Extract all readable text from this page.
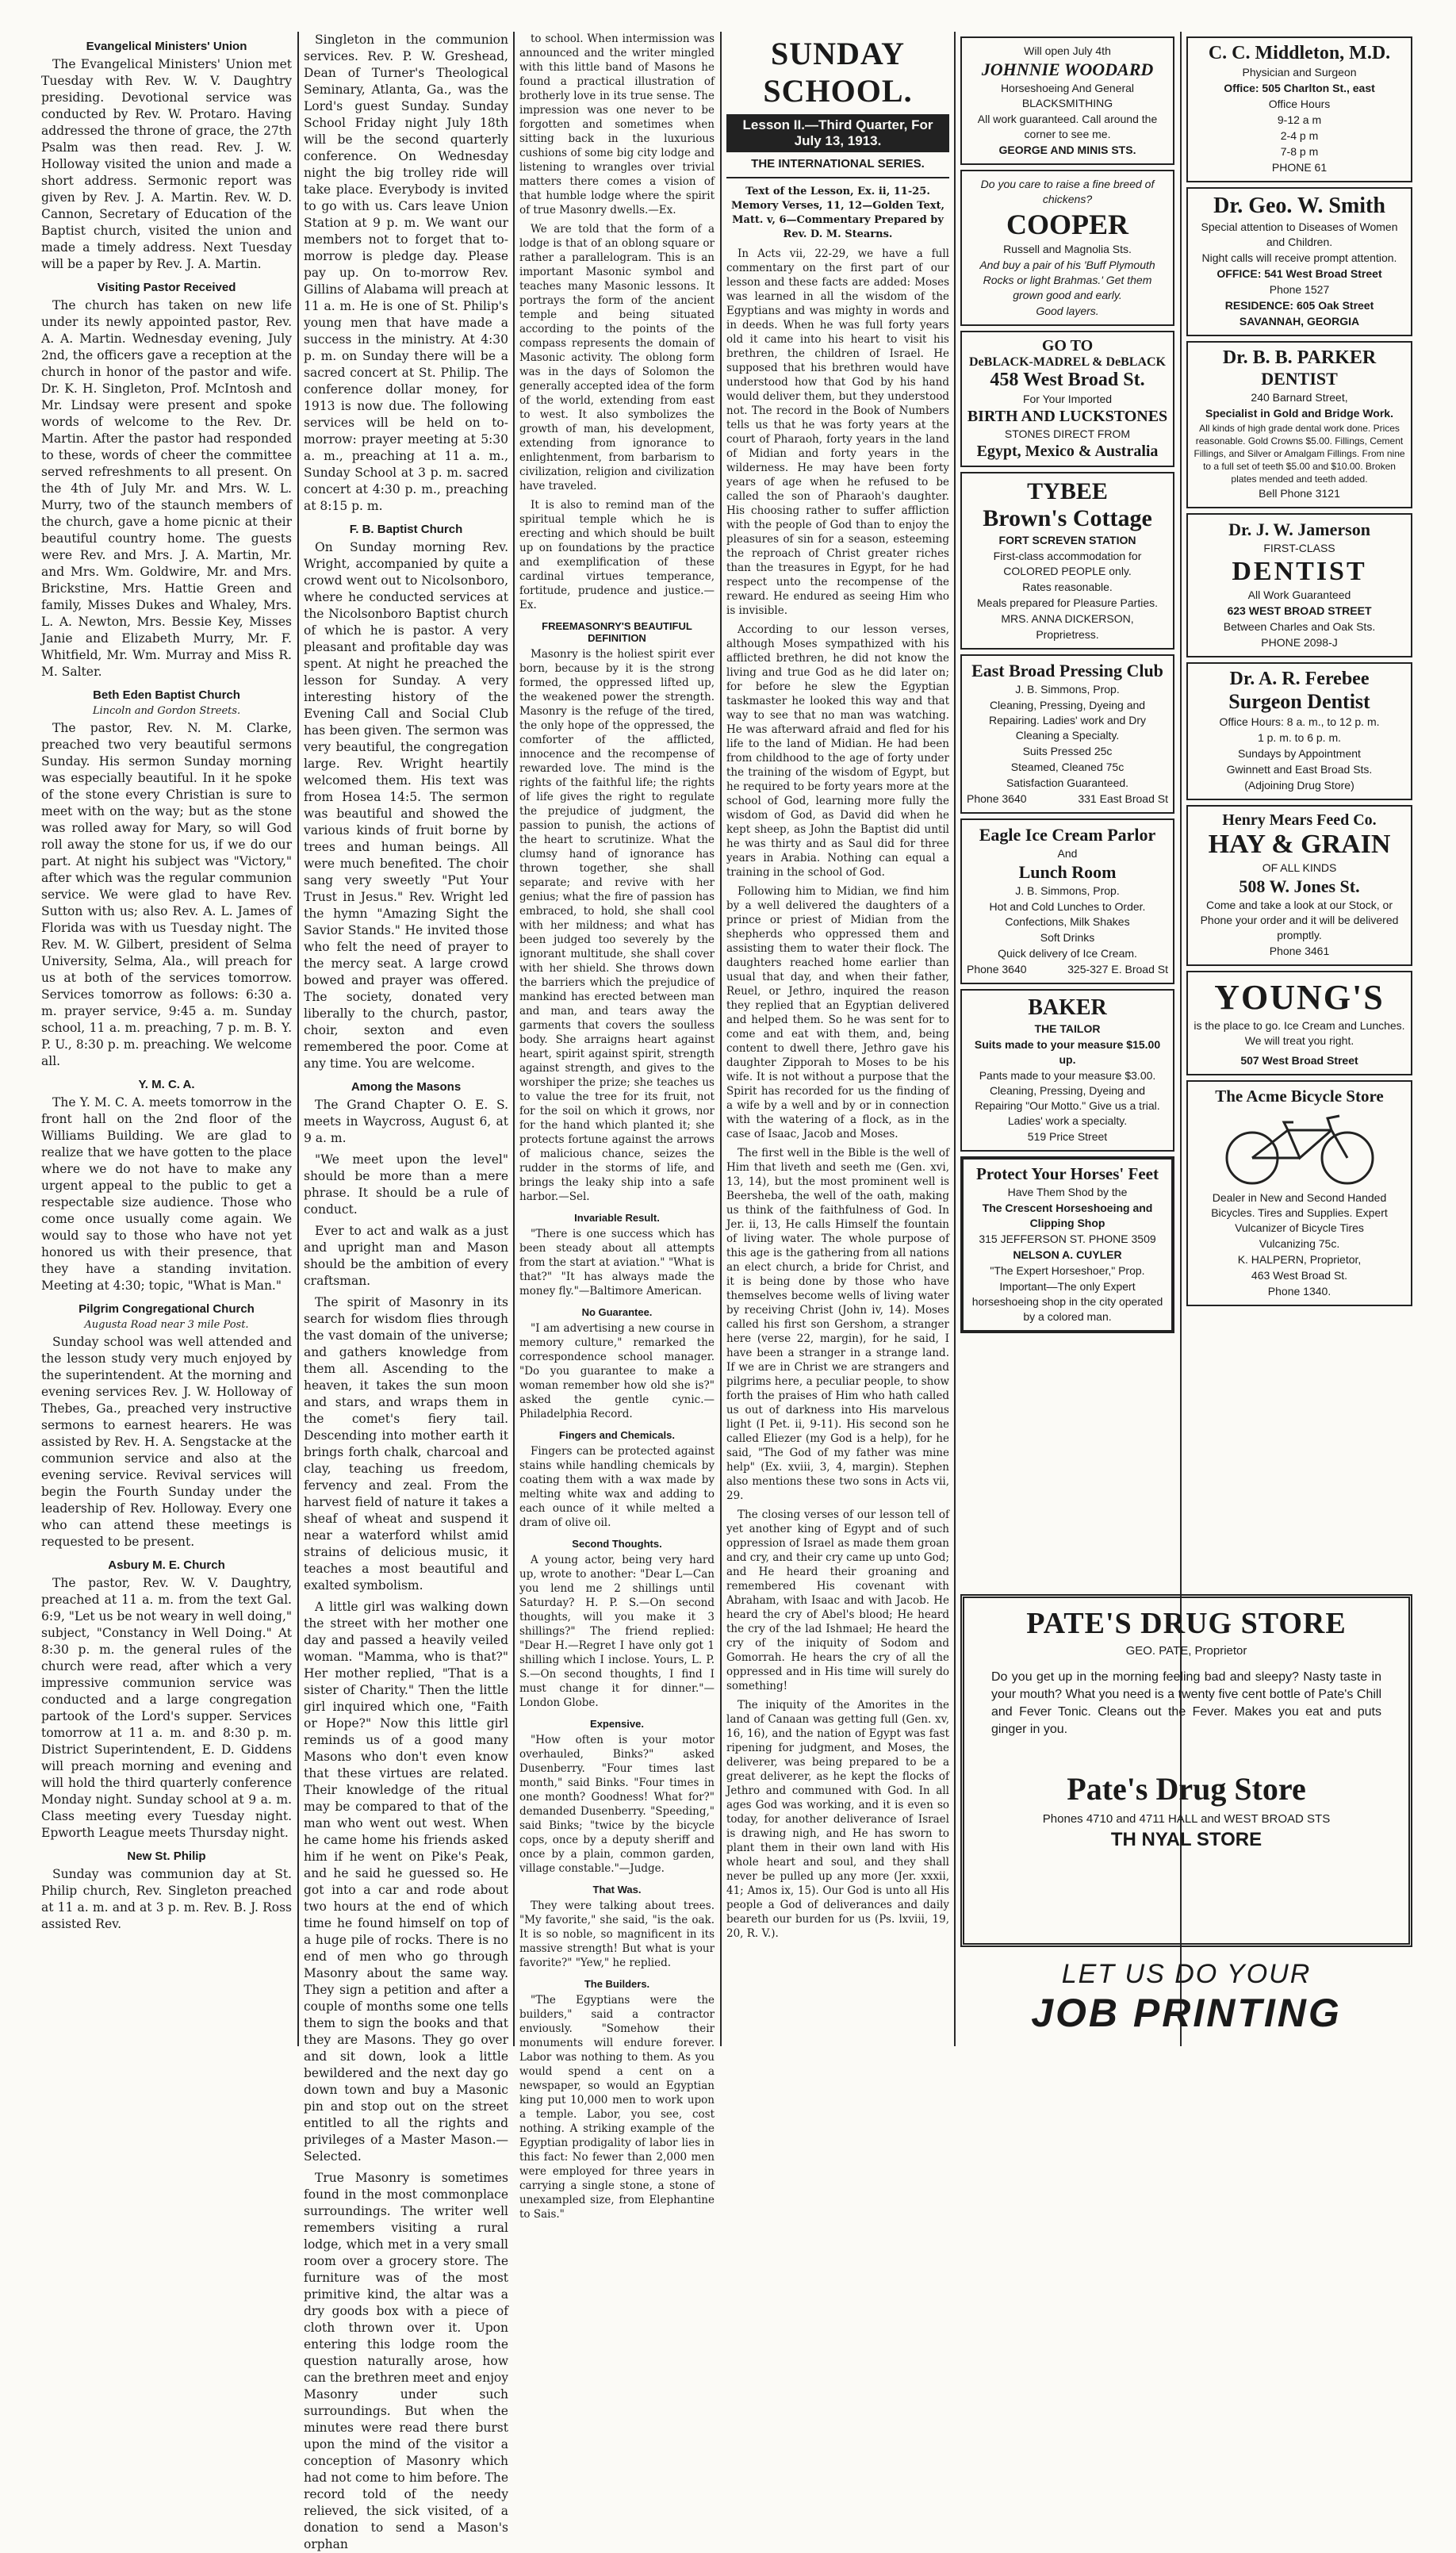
Evangelical Ministers' Union

The Evangelical Ministers' Union met Tuesday with Rev. W. V. Daughtry presiding. Devotional service was conducted by Rev. W. Protaro. Having addressed the throne of grace, the 27th Psalm was then read. Rev. J. W. Holloway visited the union and made a short address. Sermonic report was given by Rev. J. A. Martin. Rev. W. D. Cannon, Secretary of Education of the Baptist church, visited the union and made a timely address. Next Tuesday will be a paper by Rev. J. A. Martin.

Visiting Pastor Received

The church has taken on new life under its newly appointed pastor, Rev. A. A. Martin. Wednesday evening, July 2nd, the officers gave a reception at the church in honor of the pastor and wife. Dr. K. H. Singleton, Prof. McIntosh and Mr. Lindsay were present and spoke words of welcome to the Rev. Dr. Martin. After the pastor had responded to these, words of cheer the committee served refreshments to all present. On the 4th of July Mr. and Mrs. W. L. Murry, two of the staunch members of the church, gave a home picnic at their beautiful country home. The guests were Rev. and Mrs. J. A. Martin, Mr. and Mrs. Wm. Goldwire, Mr. and Mrs. Brickstine, Mrs. Hattie Green and family, Misses Dukes and Whaley, Mrs. L. A. Newton, Mrs. Bessie Key, Misses Janie and Elizabeth Murry, Mr. F. Whitfield, Mr. Wm. Murray and Miss R. M. Salter.

Beth Eden Baptist Church
Lincoln and Gordon Streets.

The pastor, Rev. N. M. Clarke, preached two very beautiful sermons Sunday. His sermon Sunday morning was especially beautiful. In it he spoke of the stone every Christian is sure to meet with on the way; but as the stone was rolled away for Mary, so will God roll away the stone for us, if we do our part. At night his subject was "Victory," after which was the regular communion service. We were glad to have Rev. Sutton with us; also Rev. A. L. James of Florida was with us Tuesday night. The Rev. M. W. Gilbert, president of Selma University, Selma, Ala., will preach for us at both of the services tomorrow. Services tomorrow as follows: 6:30 a. m. prayer service, 9:45 a. m. Sunday school, 11 a. m. preaching, 7 p. m. B. Y. P. U., 8:30 p. m. preaching. We welcome all.

Y. M. C. A.

The Y. M. C. A. meets tomorrow in the front hall on the 2nd floor of the Williams Building. We are glad to realize that we have gotten to the place where we do not have to make any urgent appeal to the public to get a respectable size audience. Those who come once usually come again. We would say to those who have not yet honored us with their presence, that they have a standing invitation. Meeting at 4:30; topic, "What is Man."

Pilgrim Congregational Church
Augusta Road near 3 mile Post.

Sunday school was well attended and the lesson study very much enjoyed by the superintendent. At the morning and evening services Rev. J. W. Holloway of Thebes, Ga., preached very instructive sermons to earnest hearers. He was assisted by Rev. H. A. Sengstacke at the communion service and also at the evening service. Revival services will begin the Fourth Sunday under the leadership of Rev. Holloway. Every one who can attend these meetings is requested to be present.

Asbury M. E. Church

The pastor, Rev. W. V. Daughtry, preached at 11 a. m. from the text Gal. 6:9, "Let us be not weary in well doing," subject, "Constancy in Well Doing." At 8:30 p. m. the general rules of the church were read, after which a very impressive communion service was conducted and a large congregation partook of the Lord's supper. Services tomorrow at 11 a. m. and 8:30 p. m. District Superintendent, E. D. Giddens will preach morning and evening and will hold the third quarterly conference Monday night. Sunday school at 9 a. m. Class meeting every Tuesday night. Epworth League meets Thursday night.

New St. Philip

Sunday was communion day at St. Philip church, Rev. Singleton preached at 11 a. m. and at 3 p. m. Rev. B. J. Ross assisted Rev.

Singleton in the communion services. Rev. P. W. Greshead, Dean of Turner's Theological Seminary, Atlanta, Ga., was the Lord's guest Sunday. Sunday School Friday night July 18th will be the second quarterly conference. On Wednesday night the big trolley ride will take place. Everybody is invited to go with us. Cars leave Union Station at 9 p. m. We want our members not to forget that to-morrow is pledge day. Please pay up. On to-morrow Rev. Gillins of Alabama will preach at 11 a. m. He is one of St. Philip's young men that have made a success in the ministry. At 4:30 p. m. on Sunday there will be a sacred concert at St. Philip. The conference dollar money, for 1913 is now due. The following services will be held on to-morrow: prayer meeting at 5:30 a. m., preaching at 11 a. m., Sunday School at 3 p. m. sacred concert at 4:30 p. m., preaching at 8:15 p. m.

F. B. Baptist Church

On Sunday morning Rev. Wright, accompanied by quite a crowd went out to Nicolsonboro, where he conducted services at the Nicolsonboro Baptist church of which he is pastor. A very pleasant and profitable day was spent. At night he preached the lesson for Sunday. A very interesting history of the Evening Call and Social Club has been given. The sermon was very beautiful, the congregation large. Rev. Wright heartily welcomed them. His text was from Hosea 14:5. The sermon was beautiful and showed the various kinds of fruit borne by trees and human beings. All were much benefited. The choir sang very sweetly "Put Your Trust in Jesus." Rev. Wright led the hymn "Amazing Sight the Savior Stands." He invited those who felt the need of prayer to the mercy seat. A large crowd bowed and prayer was offered. The society, donated very liberally to the church, pastor, choir, sexton and even remembered the poor. Come at any time. You are welcome.

Among the Masons

The Grand Chapter O. E. S. meets in Waycross, August 6, at 9 a. m.

"We meet upon the level" should be more than a mere phrase. It should be a rule of conduct.

Ever to act and walk as a just and upright man and Mason should be the ambition of every craftsman.

The spirit of Masonry in its search for wisdom flies through the vast domain of the universe; and gathers knowledge from them all. Ascending to the heaven, it takes the sun moon and stars, and wraps them in the comet's fiery tail. Descending into mother earth it brings forth chalk, charcoal and clay, teaching us freedom, fervency and zeal. From the harvest field of nature it takes a sheaf of wheat and suspend it near a waterford whilst amid strains of delicious music, it teaches a most beautiful and exalted symbolism.

A little girl was walking down the street with her mother one day and passed a heavily veiled woman. "Mamma, who is that?" Her mother replied, "That is a sister of Charity." Then the little girl inquired which one, "Faith or Hope?" Now this little girl reminds us of a good many Masons who don't even know that these virtues are related. Their knowledge of the ritual may be compared to that of the man who went out west. When he came home his friends asked him if he went on Pike's Peak, and he said he guessed so. He got into a car and rode about two hours at the end of which time he found himself on top of a huge pile of rocks. There is no end of men who go through Masonry about the same way. They sign a petition and after a couple of months some one tells them to sign the books and that they are Masons. They go over and sit down, look a little bewildered and the next day go down town and buy a Masonic pin and stop out on the street entitled to all the rights and privileges of a Master Mason.—Selected.

True Masonry is sometimes found in the most commonplace surroundings. The writer well remembers visiting a rural lodge, which met in a very small room over a grocery store. The furniture was of the most primitive kind, the altar was a dry goods box with a piece of cloth thrown over it. Upon entering this lodge room the question naturally arose, how can the brethren meet and enjoy Masonry under such surroundings. But when the minutes were read there burst upon the mind of the visitor a conception of Masonry which had not come to him before. The record told of the needy relieved, the sick visited, of a donation to send a Mason's orphan

to school. When intermission was announced and the writer mingled with this little band of Masons he found a practical illustration of brotherly love in its true sense. The impression was one never to be forgotten and sometimes when sitting back in the luxurious cushions of some big city lodge and listening to wrangles over trivial matters there comes a vision of that humble lodge where the spirit of true Masonry dwells.—Ex.

We are told that the form of a lodge is that of an oblong square or rather a parallelogram. This is an important Masonic symbol and teaches many Masonic lessons. It portrays the form of the ancient temple and being situated according to the points of the compass represents the domain of Masonic activity. The oblong form was in the days of Solomon the generally accepted idea of the form of the world, extending from east to west. It also symbolizes the growth of man, his development, extending from ignorance to enlightenment, from barbarism to civilization, religion and civilization have traveled.

It is also to remind man of the spiritual temple which he is erecting and which should be built up on foundations by the practice and exemplification of these cardinal virtues temperance, fortitude, prudence and justice.—Ex.

FREEMASONRY'S BEAUTIFUL DEFINITION

Masonry is the holiest spirit ever born, because by it is the strong formed, the oppressed lifted up, the weakened power the strength. Masonry is the refuge of the tired, the only hope of the oppressed, the comforter of the afflicted, innocence and the recompense of rewarded love. The mind is the rights of the faithful life; the rights of life gives the right to regulate the prejudice of judgment, the passion to punish, the actions of the heart to scrutinize. What the clumsy hand of ignorance has thrown together, she shall separate; and revive with her genius; what the fire of passion has embraced, to hold, she shall cool with her mildness; and what has been judged too severely by the ignorant multitude, she shall cover with her shield. She throws down the barriers which the prejudice of mankind has erected between man and man, and tears away the garments that covers the soulless body. She arraigns heart against heart, spirit against spirit, strength against strength, and gives to the worshiper the prize; she teaches us to value the tree for its fruit, not for the soil on which it grows, nor for the hand which planted it; she protects fortune against the arrows of malicious chance, seizes the rudder in the storms of life, and brings the leaky ship into a safe harbor.—Sel.

Invariable Result.

"There is one success which has been steady about all attempts from the start at aviation." "What is that?" "It has always made the money fly."—Baltimore American.

No Guarantee.

"I am advertising a new course in memory culture," remarked the correspondence school manager. "Do you guarantee to make a woman remember how old she is?" asked the gentle cynic.—Philadelphia Record.

Fingers and Chemicals.

Fingers can be protected against stains while handling chemicals by coating them with a wax made by melting white wax and adding to each ounce of it while melted a dram of olive oil.

Second Thoughts.

A young actor, being very hard up, wrote to another: "Dear L—Can you lend me 2 shillings until Saturday? H. P. S.—On second thoughts, will you make it 3 shillings?" The friend replied: "Dear H.—Regret I have only got 1 shilling which I inclose. Yours, L. P. S.—On second thoughts, I find I must change it for dinner."—London Globe.

Expensive.

"How often is your motor overhauled, Binks?" asked Dusenberry. "Four times last month," said Binks. "Four times in one month? Goodness! What for?" demanded Dusenberry. "Speeding," said Binks; "twice by the bicycle cops, once by a deputy sheriff and once by a plain, common garden, village constable."—Judge.

That Was.

They were talking about trees. "My favorite," she said, "is the oak. It is so noble, so magnificent in its massive strength! But what is your favorite?" "Yew," he replied.

The Builders.

"The Egyptians were the builders," said a contractor enviously. "Somehow their monuments will endure forever. Labor was nothing to them. As you would spend a cent on a newspaper, so would an Egyptian king put 10,000 men to work upon a temple. Labor, you see, cost nothing. A striking example of the Egyptian prodigality of labor lies in this fact: No fewer than 2,000 men were employed for three years in carrying a single stone, a stone of unexampled size, from Elephantine to Sais."

SUNDAY SCHOOL.
Lesson II.—Third Quarter, For July 13, 1913.
THE INTERNATIONAL SERIES.
Text of the Lesson, Ex. ii, 11-25. Memory Verses, 11, 12—Golden Text, Matt. v, 6—Commentary Prepared by Rev. D. M. Stearns.

In Acts vii, 22-29, we have a full commentary on the first part of our lesson and these facts are added: Moses was learned in all the wisdom of the Egyptians and was mighty in words and in deeds. When he was full forty years old it came into his heart to visit his brethren, the children of Israel. He supposed that his brethren would have understood how that God by his hand would deliver them, but they understood not. The record in the Book of Numbers tells us that he was forty years at the court of Pharaoh, forty years in the land of Midian and forty years in the wilderness. He may have been forty years of age when he refused to be called the son of Pharaoh's daughter. His choosing rather to suffer affliction with the people of God than to enjoy the pleasures of sin for a season, esteeming the reproach of Christ greater riches than the treasures in Egypt, for he had respect unto the recompense of the reward. He endured as seeing Him who is invisible.

According to our lesson verses, although Moses sympathized with his afflicted brethren, he did not know the living and true God as he did later on; for before he slew the Egyptian taskmaster he looked this way and that way to see that no man was watching. He was afterward afraid and fled for his life to the land of Midian. He had been from childhood to the age of forty under the training of the wisdom of Egypt, but he required to be forty years more at the school of God, learning more fully the wisdom of God, as David did when he kept sheep, as John the Baptist did until he was thirty and as Saul did for three years in Arabia. Nothing can equal a training in the school of God.

Following him to Midian, we find him by a well delivered the daughters of a prince or priest of Midian from the shepherds who oppressed them and assisting them to water their flock. The daughters reached home earlier than usual that day, and when their father, Reuel, or Jethro, inquired the reason they replied that an Egyptian delivered and helped them. So he was sent for to come and eat with them, and, being content to dwell there, Jethro gave his daughter Zipporah to Moses to be his wife. It is not without a purpose that the Spirit has recorded for us the finding of a wife by a well and by or in connection with the watering of a flock, as in the case of Isaac, Jacob and Moses.

The first well in the Bible is the well of Him that liveth and seeth me (Gen. xvi, 13, 14), but the most prominent well is Beersheba, the well of the oath, making us think of the faithfulness of God. In Jer. ii, 13, He calls Himself the fountain of living water. The whole purpose of this age is the gathering from all nations an elect church, a bride for Christ, and it is being done by those who have themselves become wells of living water by receiving Christ (John iv, 14). Moses called his first son Gershom, a stranger here (verse 22, margin), for he said, I have been a stranger in a strange land. If we are in Christ we are strangers and pilgrims here, a peculiar people, to show forth the praises of Him who hath called us out of darkness into His marvelous light (I Pet. ii, 9-11). His second son he called Eliezer (my God is a help), for he said, "The God of my father was mine help" (Ex. xviii, 3, 4, margin). Stephen also mentions these two sons in Acts vii, 29.

The closing verses of our lesson tell of yet another king of Egypt and of such oppression of Israel as made them groan and cry, and their cry came up unto God; and He heard their groaning and remembered His covenant with Abraham, with Isaac and with Jacob. He heard the cry of Abel's blood; He heard the cry of the lad Ishmael; He heard the cry of the iniquity of Sodom and Gomorrah. He hears the cry of all the oppressed and in His time will surely do something!

The iniquity of the Amorites in the land of Canaan was getting full (Gen. xv, 16, 16), and the nation of Egypt was fast ripening for judgment, and Moses, the deliverer, was being prepared to be a great deliverer, as he kept the flocks of Jethro and communed with God. In all ages God was working, and it is even so today, for another deliverance of Israel is drawing nigh, and He has sworn to plant them in their own land with His whole heart and soul, and they shall never be pulled up any more (Jer. xxxii, 41; Amos ix, 15). Our God is unto all His people a God of deliverances and daily beareth our burden for us (Ps. lxviii, 19, 20, R. V.).

Will open July 4th
JOHNNIE WOODARD
Horseshoeing And General BLACKSMITHING
All work guaranteed. Call around the corner to see me.
GEORGE AND MINIS STS.
Do you care to raise a fine breed of chickens?
COOPER
Russell and Magnolia Sts.
And buy a pair of his 'Buff Plymouth Rocks or light Brahmas.' Get them grown good and early.
Good layers.
GO TO
DeBLACK-MADREL & DeBLACK
458 West Broad St.
For Your Imported
BIRTH AND LUCKSTONES
STONES DIRECT FROM
Egypt, Mexico & Australia
TYBEE
Brown's Cottage
FORT SCREVEN STATION
First-class accommodation for COLORED PEOPLE only.
Rates reasonable.
Meals prepared for Pleasure Parties.
MRS. ANNA DICKERSON,
Proprietress.
East Broad Pressing Club
J. B. Simmons, Prop.
Cleaning, Pressing, Dyeing and Repairing. Ladies' work and Dry Cleaning a Specialty.
Suits Pressed 25c
Steamed, Cleaned 75c
Satisfaction Guaranteed.
Phone 3640	331 East Broad St
Eagle Ice Cream Parlor
And
Lunch Room
J. B. Simmons, Prop.
Hot and Cold Lunches to Order. Confections, Milk Shakes
Soft Drinks
Quick delivery of Ice Cream.
Phone 3640	325-327 E. Broad St
BAKER
THE TAILOR
Suits made to your measure $15.00 up.
Pants made to your measure $3.00. Cleaning, Pressing, Dyeing and Repairing "Our Motto." Give us a trial. Ladies' work a specialty.
519 Price Street
Protect Your Horses' Feet
Have Them Shod by the
The Crescent Horseshoeing and Clipping Shop
315 JEFFERSON ST. PHONE 3509
NELSON A. CUYLER
"The Expert Horseshoer," Prop.
Important—The only Expert horseshoeing shop in the city operated by a colored man.
C. C. Middleton, M.D.
Physician and Surgeon
Office: 505 Charlton St., east
Office Hours
9-12 a m
2-4 p m
7-8 p m
PHONE 61
Dr. Geo. W. Smith
Special attention to Diseases of Women and Children.
Night calls will receive prompt attention.
OFFICE: 541 West Broad Street
Phone 1527
RESIDENCE: 605 Oak Street
SAVANNAH, GEORGIA
Dr. B. B. PARKER
DENTIST
240 Barnard Street,
Specialist in Gold and Bridge Work.
All kinds of high grade dental work done. Prices reasonable. Gold Crowns $5.00. Fillings, Cement Fillings, and Silver or Amalgam Fillings. From nine to a full set of teeth $5.00 and $10.00. Broken plates mended and teeth added.
Bell Phone 3121
Dr. J. W. Jamerson
FIRST-CLASS
DENTIST
All Work Guaranteed
623 WEST BROAD STREET
Between Charles and Oak Sts.
PHONE 2098-J
Dr. A. R. Ferebee
Surgeon Dentist
Office Hours: 8 a. m., to 12 p. m.
1 p. m. to 6 p. m.
Sundays by Appointment
Gwinnett and East Broad Sts.
(Adjoining Drug Store)
Henry Mears Feed Co.
HAY & GRAIN
OF ALL KINDS
508 W. Jones St.
Come and take a look at our Stock, or Phone your order and it will be delivered promptly.
Phone 3461
YOUNG'S
is the place to go. Ice Cream and Lunches. We will treat you right.
507 West Broad Street
The Acme Bicycle Store
Dealer in New and Second Handed Bicycles. Tires and Supplies. Expert Vulcanizer of Bicycle Tires
Vulcanizing 75c.
K. HALPERN, Proprietor,
463 West Broad St.
Phone 1340.
PATE'S DRUG STORE
GEO. PATE, Proprietor
Do you get up in the morning feeling bad and sleepy? Nasty taste in your mouth? What you need is a twenty five cent bottle of Pate's Chill and Fever Tonic. Cleans out the Fever. Makes you eat and puts ginger in you.
Pate's Drug Store
Phones 4710 and 4711 HALL and WEST BROAD STS
TH NYAL STORE
LET US DO YOUR
JOB PRINTING
